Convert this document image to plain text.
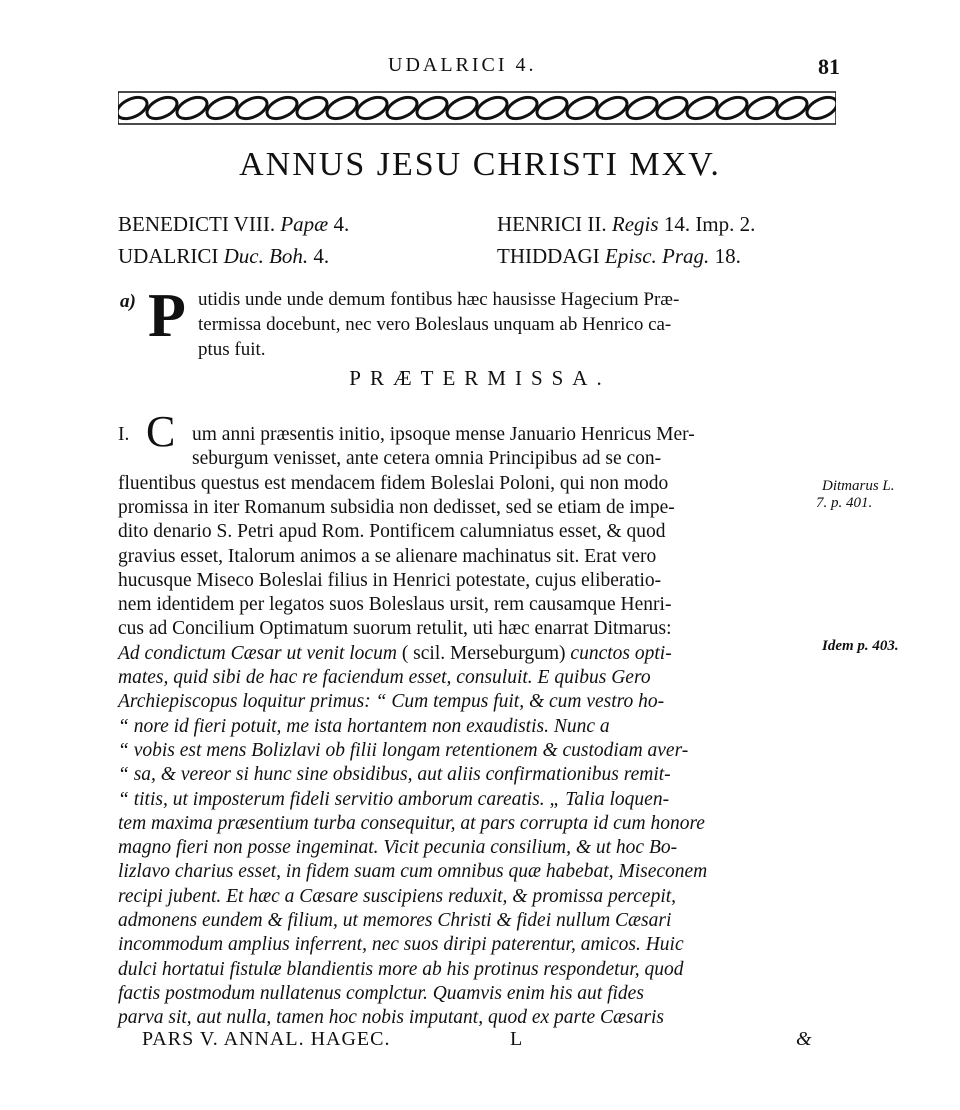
UDALRICI 4.	81
ANNUS JESU CHRISTI MXV.
BENEDICTI VIII. Papæ 4.	HENRICI II. Regis 14. Imp. 2.
UDALRICI Duc. Boh. 4.	THIDDAGI Episc. Prag. 18.
a) P utidis unde unde demum fontibus hæc hausisse Hagecium Præ-
termissa docebunt, nec vero Boleslaus unquam ab Henrico ca-
ptus fuit.
PRÆTERMISSA.
I. C um anni præsentis initio, ipsoque mense Januario Henricus Mer-
seburgum venisset, ante cetera omnia Principibus ad se con-
fluentibus questus est mendacem fidem Boleslai Poloni, qui non modo
promissa in iter Romanum subsidia non dedisset, sed se etiam de impe-
dito denario S. Petri apud Rom. Pontificem calumniatus esset, & quod
gravius esset, Italorum animos a se alienare machinatus sit. Erat vero
hucusque Miseco Boleslai filius in Henrici potestate, cujus eliberatio-
nem identidem per legatos suos Boleslaus ursit, rem causamque Henri-
cus ad Concilium Optimatum suorum retulit, uti hæc enarrat Ditmarus:
Ad condictum Cæsar ut venit locum ( scil. Merseburgum) cunctos opti-
mates, quid sibi de hac re faciendum esset, consuluit. E quibus Gero
Archiepiscopus loquitur primus: “ Cum tempus fuit, & cum vestro ho-
“ nore id fieri potuit, me ista hortantem non exaudistis. Nunc a
“ vobis est mens Bolizlavi ob filii longam retentionem & custodiam aver-
“ sa, & vereor si hunc sine obsidibus, aut aliis confirmationibus remit-
“ titis, ut imposterum fideli servitio amborum careatis. „ Talia loquen-
tem maxima præsentium turba consequitur, at pars corrupta id cum honore
magno fieri non posse ingeminat. Vicit pecunia consilium, & ut hoc Bo-
lizlavo charius esset, in fidem suam cum omnibus quæ habebat, Miseconem
recipi jubent. Et hæc a Cæsare suscipiens reduxit, & promissa percepit,
admonens eundem & filium, ut memores Christi & fidei nullum Cæsari
incommodum amplius inferrent, nec suos diripi paterentur, amicos. Huic
dulci hortatui fistulæ blandientis more ab his protinus respondetur, quod
factis postmodum nullatenus complctur. Quamvis enim his aut fides
parva sit, aut nulla, tamen hoc nobis imputant, quod ex parte Cæsaris
Ditmarus L.
7. p. 401.
Idem p. 403.
PARS V. ANNAL. HAGEC.	L	&
